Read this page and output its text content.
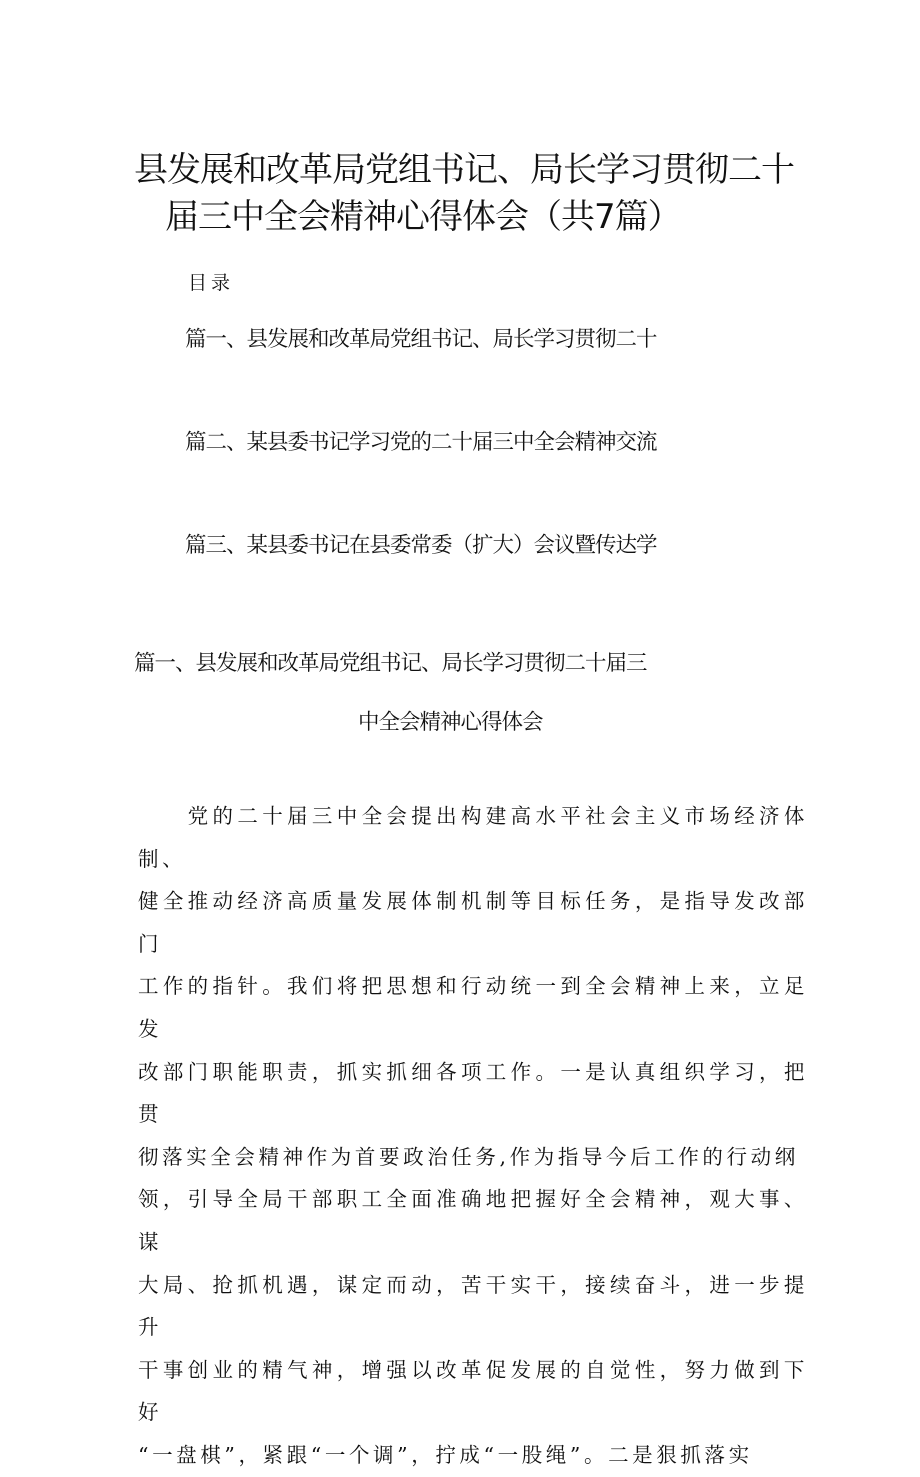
县发展和改革局党组书记、局长学习贯彻二十
届三中全会精神心得体会（共7篇）
目录
篇一、县发展和改革局党组书记、局长学习贯彻二十
篇二、某县委书记学习党的二十届三中全会精神交流
篇三、某县委书记在县委常委（扩大）会议暨传达学
篇一、县发展和改革局党组书记、局长学习贯彻二十届三
中全会精神心得体会
　　党的二十届三中全会提出构建高水平社会主义市场经济体制、
健全推动经济高质量发展体制机制等目标任务，是指导发改部门
工作的指针。我们将把思想和行动统一到全会精神上来，立足发
改部门职能职责，抓实抓细各项工作。一是认真组织学习，把贯
彻落实全会精神作为首要政治任务,作为指导今后工作的行动纲
领，引导全局干部职工全面准确地把握好全会精神，观大事、谋
大局、抢抓机遇，谋定而动，苦干实干，接续奋斗，进一步提升
干事创业的精气神，增强以改革促发展的自觉性，努力做到下好
“一盘棋”，紧跟“一个调”，拧成“一股绳”。二是狠抓落实
